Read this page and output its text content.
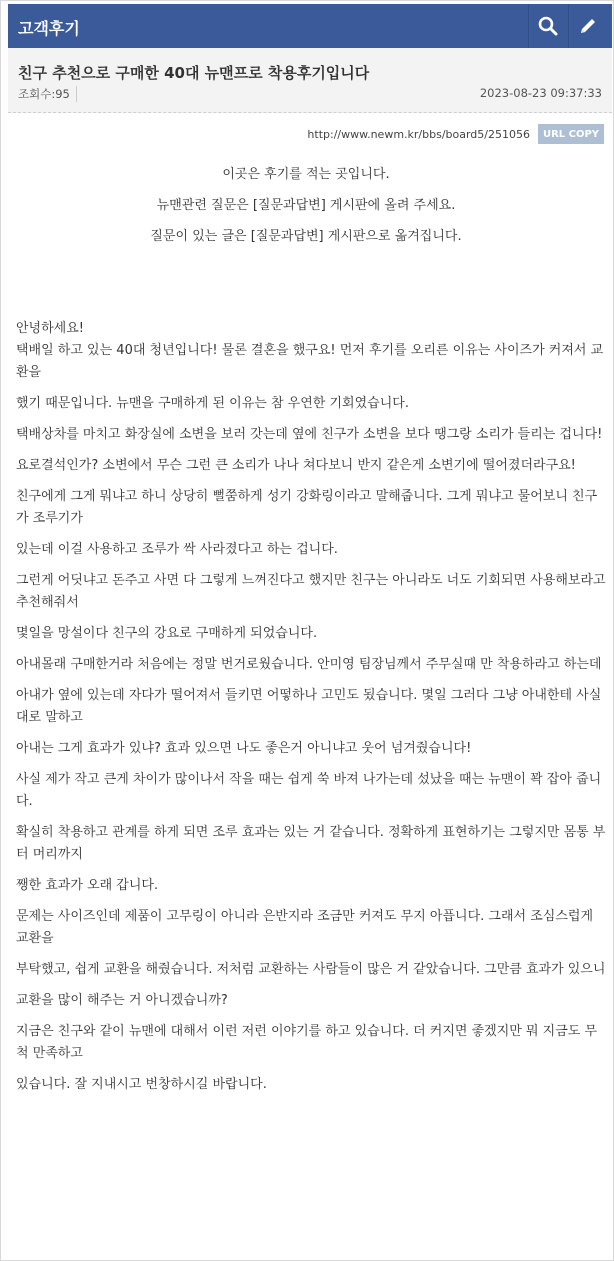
고객후기
친구 추천으로 구매한 40대 뉴맨프로 착용후기입니다
조회수:95	2023-08-23 09:37:33
http://www.newm.kr/bbs/board5/251056	URL COPY

이곳은 후기를 적는 곳입니다.

뉴맨관련 질문은 [질문과답변] 게시판에 올려 주세요.

질문이 있는 글은 [질문과답변] 게시판으로 옮겨집니다.

안녕하세요!
택배일 하고 있는 40대 청년입니다! 물론 결혼을 했구요! 먼저 후기를 오리른 이유는 사이즈가 커져서 교환을

했기 때문입니다. 뉴맨을 구매하게 된 이유는 참 우연한 기회였습니다.

택배상차를 마치고 화장실에 소변을 보러 갓는데 옆에 친구가 소변을 보다 땡그랑 소리가 들리는 겁니다!

요로결석인가? 소변에서 무슨 그런 큰 소리가 나나 쳐다보니 반지 같은게 소변기에 떨어졌더라구요!

친구에게 그게 뭐냐고 하니 상당히 뻘쭘하게 성기 강화링이라고 말해줍니다. 그게 뭐냐고 물어보니 친구가 조루기가

있는데 이걸 사용하고 조루가 싹 사라졌다고 하는 겁니다.

그런게 어딧냐고 돈주고 사면 다 그렇게 느껴진다고 했지만 친구는 아니라도 너도 기회되면 사용해보라고 추천해줘서

몇일을 망설이다 친구의 강요로 구매하게 되었습니다.

아내몰래 구매한거라 처음에는 정말 번거로웠습니다. 안미영 팀장님께서 주무실때 만 착용하라고 하는데

아내가 옆에 있는데 자다가 떨어져서 들키면 어떻하나 고민도 됬습니다. 몇일 그러다 그냥 아내한테 사실대로 말하고

아내는 그게 효과가 있냐? 효과 있으면 나도 좋은거 아니냐고 웃어 넘겨줬습니다!

사실 제가 작고 큰게 차이가 많이나서 작을 때는 쉽게 쑥 바져 나가는데 섰났을 때는 뉴맨이 꽉 잡아 줍니다.

확실히 착용하고 관계를 하게 되면 조루 효과는 있는 거 같습니다. 정확하게 표현하기는 그렇지만 몸통 부터 머리까지

쨍한 효과가 오래 갑니다.

문제는 사이즈인데 제품이 고무링이 아니라 은반지라 조금만 커져도 무지 아픕니다. 그래서 조심스럽게 교환을

부탁했고, 쉽게 교환을 해줬습니다. 저처럼 교환하는 사람들이 많은 거 같았습니다. 그만큼 효과가 있으니

교환을 많이 해주는 거 아니겠습니까?

지금은 친구와 같이 뉴맨에 대해서 이런 저런 이야기를 하고 있습니다. 더 커지면 좋겠지만 뭐 지금도 무척 만족하고

있습니다. 잘 지내시고 번창하시길 바랍니다.
